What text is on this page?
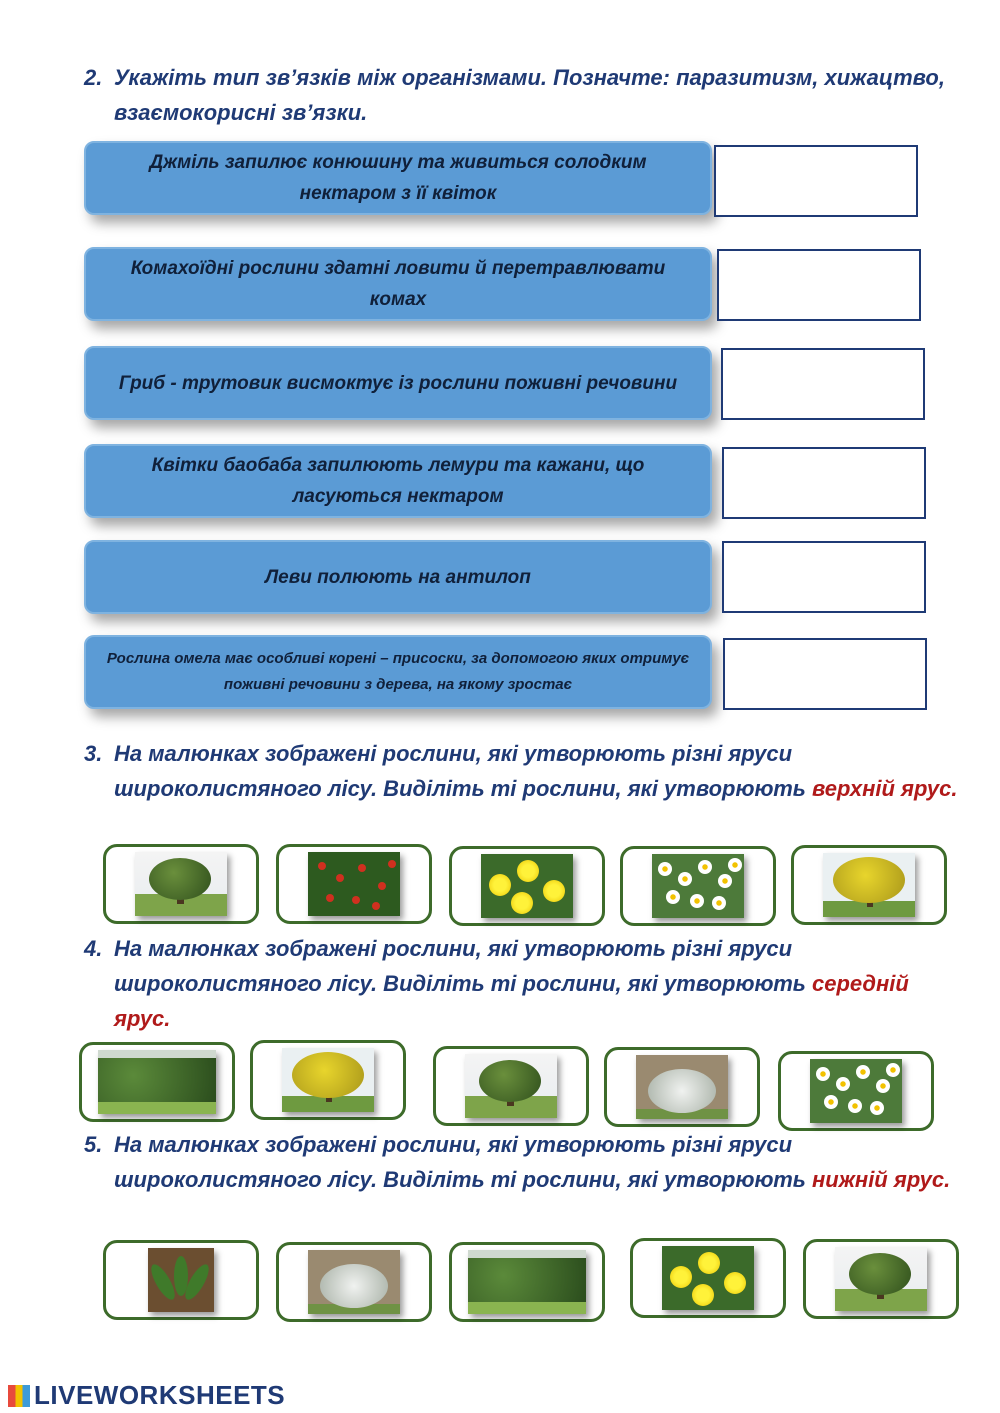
2. Укажіть тип зв’язків між організмами. Позначте: паразитизм, хижацтво, взаємокорисні зв’язки.
Джміль запилює конюшину та живиться солодким нектаром з її квіток
Комахоїдні рослини здатні ловити й перетравлювати комах
Гриб - трутовик висмоктує із рослини поживні речовини
Квітки баобаба запилюють лемури та кажани, що ласуються нектаром
Леви полюють на антилоп
Рослина омела має особливі корені – присоски, за допомогою яких отримує поживні речовини з дерева, на якому зростає
3. На малюнках зображені рослини, які утворюють різні яруси широколистяного лісу. Виділіть ті рослини, які утворюють верхній ярус.
4. На малюнках зображені рослини, які утворюють різні яруси широколистяного лісу. Виділіть ті рослини, які утворюють середній ярус.
5. На малюнках зображені рослини, які утворюють різні яруси широколистяного лісу. Виділіть ті рослини, які утворюють нижній ярус.
LIVEWORKSHEETS
